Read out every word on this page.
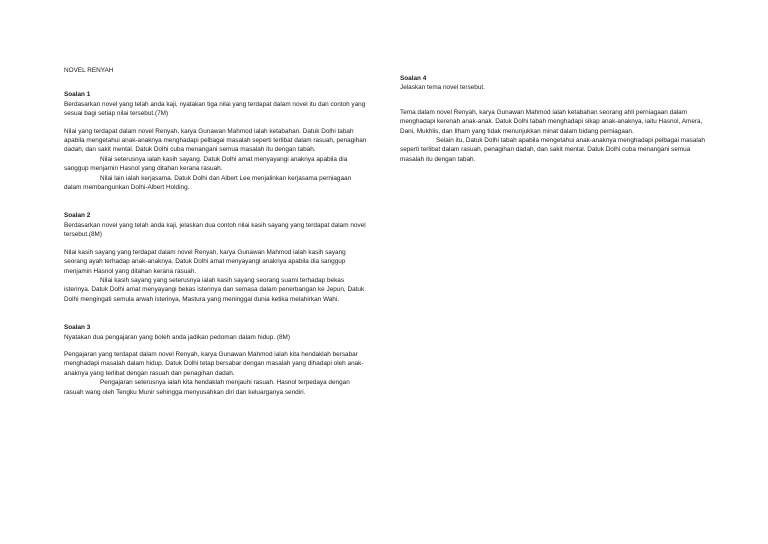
NOVEL RENYAH

Soalan 1

Berdasarkan novel yang telah anda kaji, nyatakan tiga nilai yang terdapat dalam novel itu dan contoh yang sesuai bagi setiap nilai tersebut.(7M)

Nilai yang terdapat dalam novel Renyah, karya Gunawan Mahmod ialah ketabahan. Datuk Dolhi tabah apabila mengetahui anak-anaknya menghadapi pelbagai masalah seperti terlibat dalam rasuah, penagihan dadah, dan sakit mental. Datuk Dolhi cuba menangani semua masalah itu dengan tabah.

Nilai seterusnya ialah kasih sayang. Datuk Dolhi amat menyayangi anaknya apabila dia sanggup menjamin Hasnol yang ditahan kerana rasuah.

Nilai lain ialah kerjasama. Datuk Dolhi dan Albert Lee menjalinkan kerjasama perniagaan dalam membangunkan Dolhi-Albert Holding.

Soalan 2

Berdasarkan novel yang telah anda kaji, jelaskan dua contoh nilai kasih sayang yang terdapat dalam novel tersebut.(8M)

Nilai kasih sayang yang terdapat dalam novel Renyah, karya Gunawan Mahmod ialah kasih sayang seorang ayah terhadap anak-anaknya. Datuk Dolhi amat menyayangi anaknya apabila dia sanggup menjamin Hasnol yang ditahan kerana rasuah.

Nilai kasih sayang yang seterusnya ialah kasih sayang seorang suami terhadap bekas isterinya. Datuk Dolhi amat menyayangi bekas isterinya dan semasa dalam penerbangan ke Jepun, Datuk Dolhi mengingati semula arwah isterinya, Mastura yang meninggal dunia ketika melahirkan Wahi.

Soalan 3

Nyatakan dua pengajaran yang boleh anda jadikan pedoman dalam hidup. (8M)

Pengajaran yang terdapat dalam novel Renyah, karya Gunawan Mahmod ialah kita hendaklah bersabar menghadapi masalah dalam hidup. Datuk Dolhi tetap bersabar dengan masalah yang dihadapi oleh anak-anaknya yang terlibat dengan rasuah dan penagihan dadah.

Pengajaran seterusnya ialah kita hendaklah menjauhi rasuah. Hasnol terpedaya dengan rasuah wang oleh Tengku Munir sehingga menyusahkan diri dan keluarganya sendiri.

Soalan 4

Jelaskan tema novel tersebut.

Tema dalam novel Renyah, karya Gunawan Mahmod ialah ketabahan seorang ahli perniagaan dalam menghadapi kerenah anak-anak. Datuk Dolhi tabah menghadapi sikap anak-anaknya, iaitu Hasnol, Amera, Dani, Mukhlis, dan Ilham yang tidak menunjukkan minat dalam bidang perniagaan.

Selain itu, Datuk Dolhi tabah apabila mengetahui anak-anaknya menghadapi pelbagai masalah seperti terlibat dalam rasuah, penagihan dadah, dan sakit mental. Datuk Dolhi cuba menangani semua masalah itu dengan tabah.
